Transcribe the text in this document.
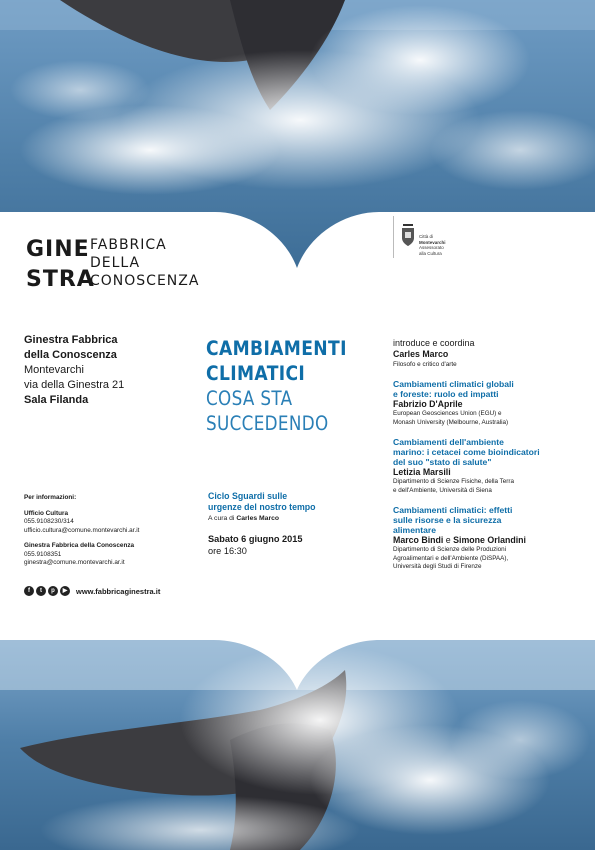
GINE
STRA
FABBRICA
DELLA
CONOSCENZA
Città di
Montevarchi
Assessorato
alla Cultura
Ginestra Fabbrica
della Conoscenza
Montevarchi
via della Ginestra 21
Sala Filanda
Per informazioni:
Ufficio Cultura
055.9108230/314
ufficio.cultura@comune.montevarchi.ar.it
Ginestra Fabbrica della Conoscenza
055.9108351
ginestra@comune.montevarchi.ar.it
f	t	p	▶	www.fabbricaginestra.it
CAMBIAMENTI
CLIMATICI
COSA STA
SUCCEDENDO
Ciclo Sguardi sulle
urgenze del nostro tempo
A cura di Carles Marco
Sabato 6 giugno 2015
ore 16:30
introduce e coordina
Carles Marco
Filosofo e critico d'arte
Cambiamenti climatici globali
e foreste: ruolo ed impatti
Fabrizio D'Aprile
European Geosciences Union (EGU) e
Monash University (Melbourne, Australia)
Cambiamenti dell'ambiente
marino: i cetacei come bioindicatori
del suo "stato di salute"
Letizia Marsili
Dipartimento di Scienze Fisiche, della Terra
e dell'Ambiente, Università di Siena
Cambiamenti climatici: effetti
sulle risorse e la sicurezza
alimentare
Marco Bindi e Simone Orlandini
Dipartimento di Scienze delle Produzioni
Agroalimentari e dell'Ambiente (DiSPAA),
Università degli Studi di Firenze
